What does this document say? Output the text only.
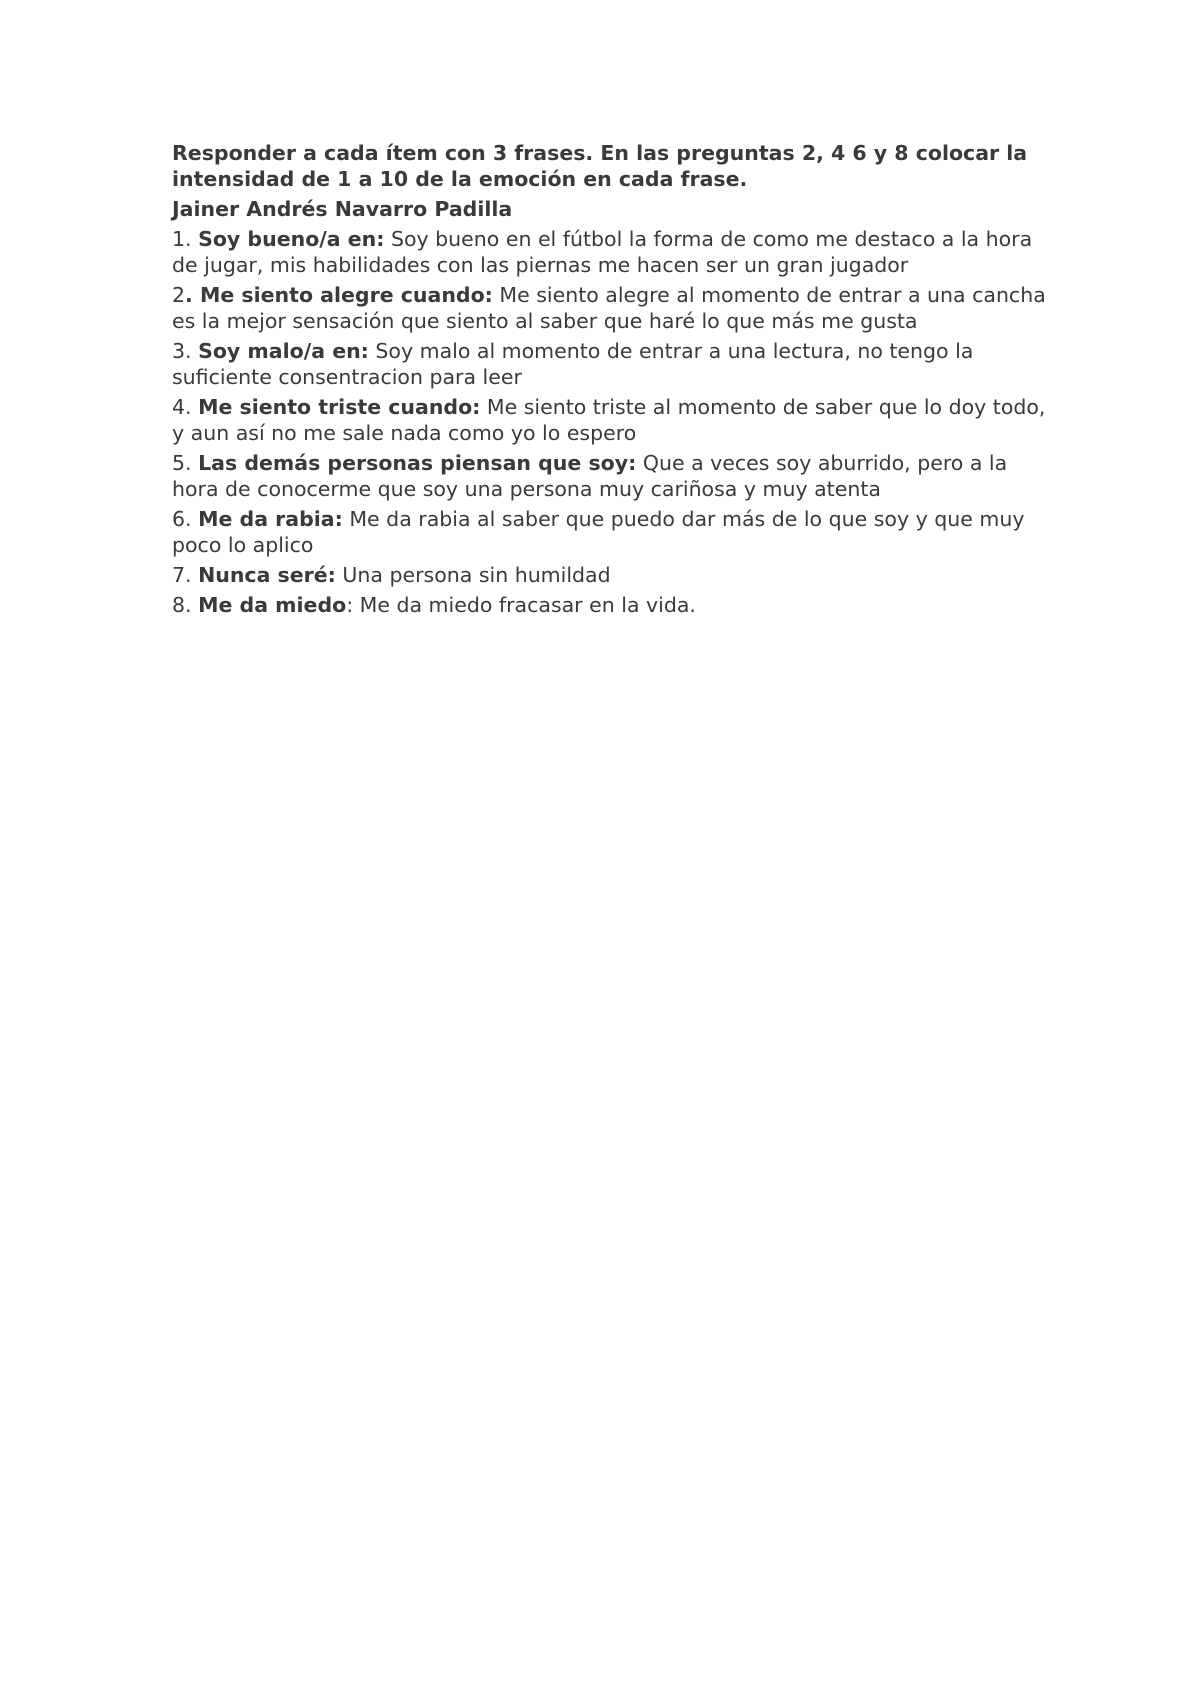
Responder a cada ítem con 3 frases. En las preguntas 2, 4 6 y 8 colocar la intensidad de 1 a 10 de la emoción en cada frase.

Jainer Andrés Navarro Padilla

1. Soy bueno/a en: Soy bueno en el fútbol la forma de como me destaco a la hora de jugar, mis habilidades con las piernas me hacen ser un gran jugador

2. Me siento alegre cuando: Me siento alegre al momento de entrar a una cancha es la mejor sensación que siento al saber que haré lo que más me gusta

3. Soy malo/a en: Soy malo al momento de entrar a una lectura, no tengo la suficiente consentracion para leer

4. Me siento triste cuando: Me siento triste al momento de saber que lo doy todo, y aun así no me sale nada como yo lo espero

5. Las demás personas piensan que soy: Que a veces soy aburrido, pero a la hora de conocerme que soy una persona muy cariñosa y muy atenta

6. Me da rabia: Me da rabia al saber que puedo dar más de lo que soy y que muy poco lo aplico

7. Nunca seré: Una persona sin humildad

8. Me da miedo: Me da miedo fracasar en la vida.
